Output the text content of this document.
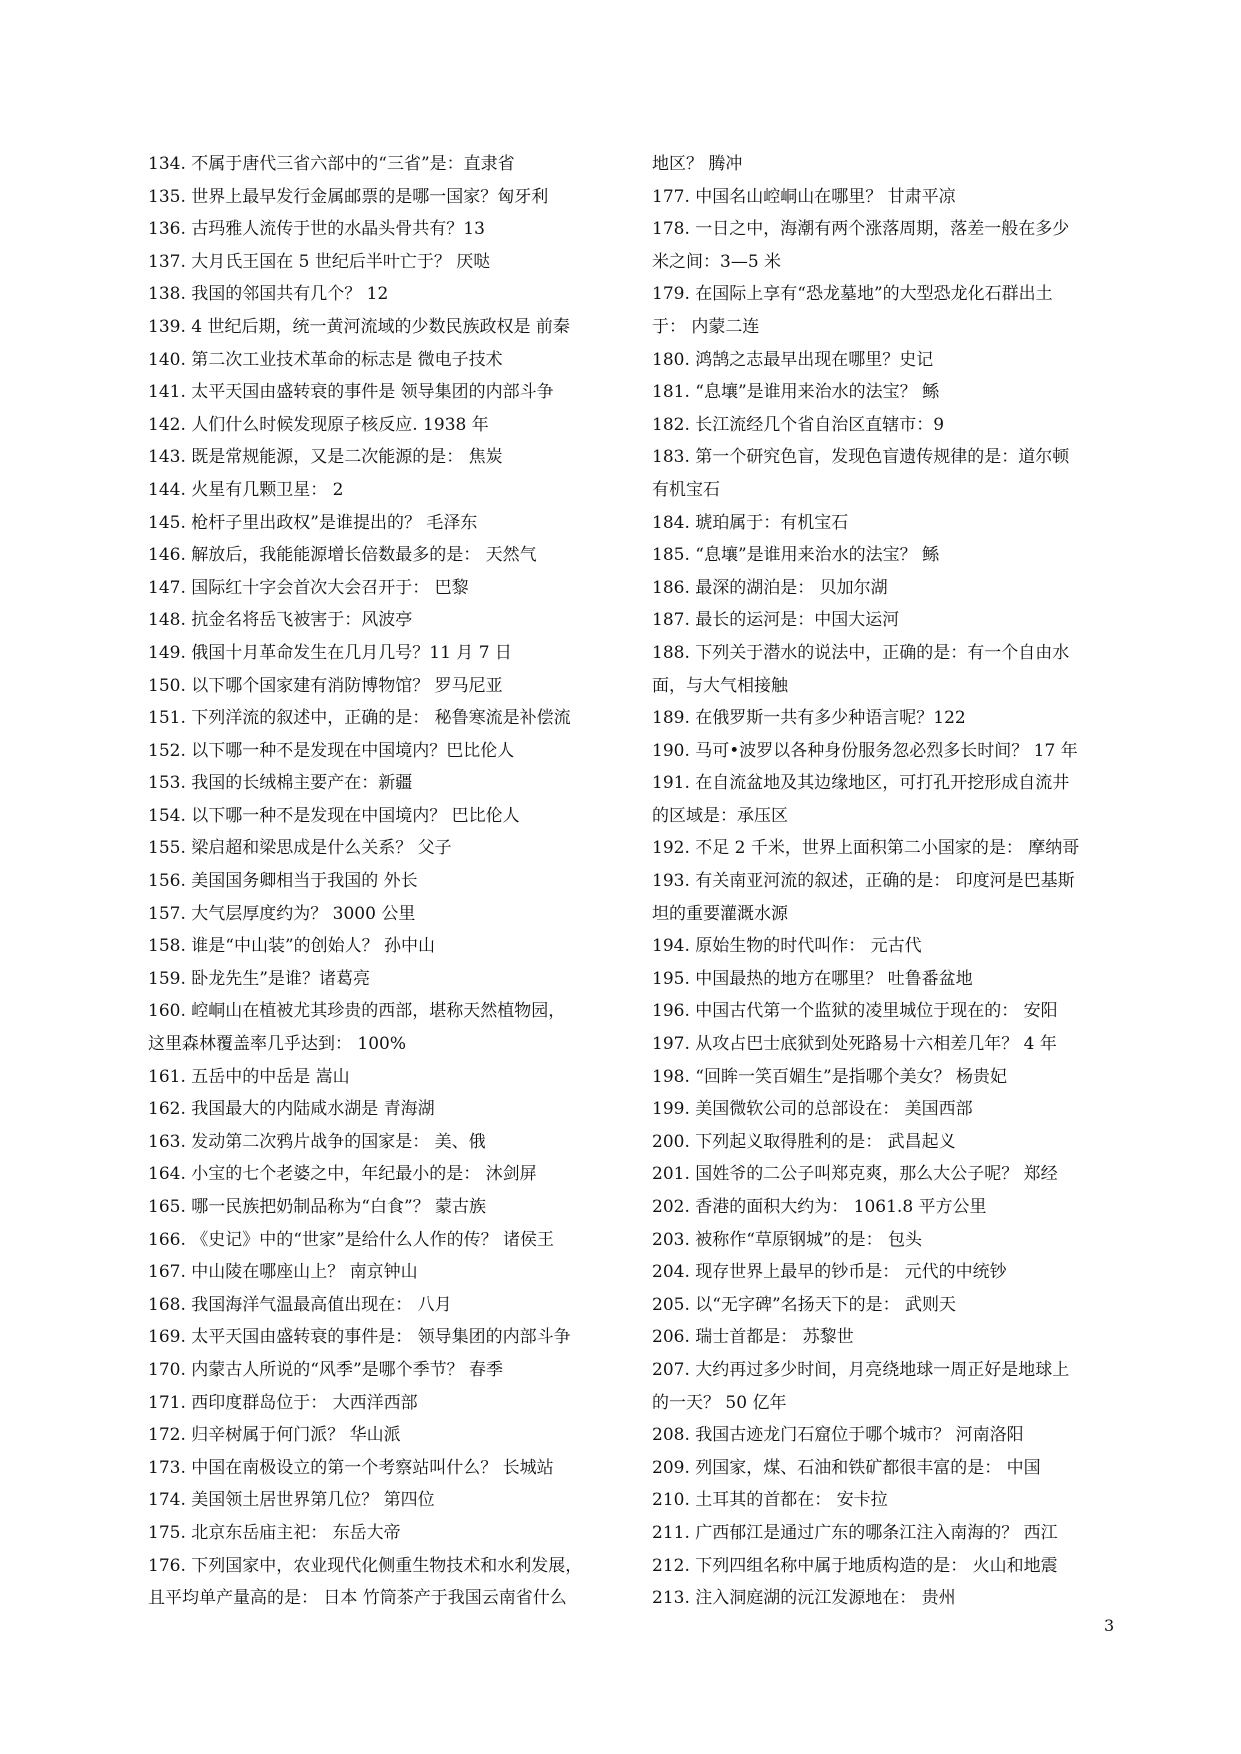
134. 不属于唐代三省六部中的“三省”是：直隶省
135. 世界上最早发行金属邮票的是哪一国家？匈牙利
136. 古玛雅人流传于世的水晶头骨共有？13
137. 大月氏王国在 5 世纪后半叶亡于？ 厌哒
138. 我国的邻国共有几个？ 12
139. 4 世纪后期，统一黄河流域的少数民族政权是 前秦
140. 第二次工业技术革命的标志是 微电子技术
141. 太平天国由盛转衰的事件是 领导集团的内部斗争
142. 人们什么时候发现原子核反应. 1938 年
143. 既是常规能源，又是二次能源的是： 焦炭
144. 火星有几颗卫星： 2
145. 枪杆子里出政权”是谁提出的？ 毛泽东
146. 解放后，我能能源增长倍数最多的是： 天然气
147. 国际红十字会首次大会召开于： 巴黎
148. 抗金名将岳飞被害于：风波亭
149. 俄国十月革命发生在几月几号？11 月 7 日
150. 以下哪个国家建有消防博物馆？ 罗马尼亚
151. 下列洋流的叙述中，正确的是： 秘鲁寒流是补偿流
152. 以下哪一种不是发现在中国境内？巴比伦人
153. 我国的长绒棉主要产在：新疆
154. 以下哪一种不是发现在中国境内？ 巴比伦人
155. 梁启超和梁思成是什么关系？ 父子
156. 美国国务卿相当于我国的 外长
157. 大气层厚度约为？ 3000 公里
158. 谁是“中山装”的创始人？ 孙中山
159. 卧龙先生”是谁？诸葛亮
160. 崆峒山在植被尤其珍贵的西部，堪称天然植物园，
这里森林覆盖率几乎达到： 100%
161. 五岳中的中岳是 嵩山
162. 我国最大的内陆咸水湖是 青海湖
163. 发动第二次鸦片战争的国家是： 美、俄
164. 小宝的七个老婆之中，年纪最小的是： 沐剑屏
165. 哪一民族把奶制品称为“白食”？ 蒙古族
166. 《史记》中的“世家”是给什么人作的传？ 诸侯王
167. 中山陵在哪座山上？ 南京钟山
168. 我国海洋气温最高值出现在： 八月
169. 太平天国由盛转衰的事件是： 领导集团的内部斗争
170. 内蒙古人所说的“风季”是哪个季节？ 春季
171. 西印度群岛位于： 大西洋西部
172. 归辛树属于何门派？ 华山派
173. 中国在南极设立的第一个考察站叫什么？ 长城站
174. 美国领土居世界第几位？ 第四位
175. 北京东岳庙主祀： 东岳大帝
176. 下列国家中，农业现代化侧重生物技术和水利发展，
且平均单产量高的是： 日本 竹筒茶产于我国云南省什么
地区？ 腾冲
177. 中国名山崆峒山在哪里？ 甘肃平凉
178. 一日之中，海潮有两个涨落周期，落差一般在多少
米之间：3—5 米
179. 在国际上享有“恐龙墓地”的大型恐龙化石群出土
于： 内蒙二连
180. 鸿鹄之志最早出现在哪里？史记
181. “息壤”是谁用来治水的法宝？ 鲧
182. 长江流经几个省自治区直辖市：9
183. 第一个研究色盲，发现色盲遗传规律的是：道尔顿
有机宝石
184. 琥珀属于：有机宝石
185. “息壤”是谁用来治水的法宝？ 鲧
186. 最深的湖泊是： 贝加尔湖
187. 最长的运河是：中国大运河
188. 下列关于潜水的说法中，正确的是：有一个自由水
面，与大气相接触
189. 在俄罗斯一共有多少种语言呢？122
190. 马可•波罗以各种身份服务忽必烈多长时间？ 17 年
191. 在自流盆地及其边缘地区，可打孔开挖形成自流井
的区域是：承压区
192. 不足 2 千米，世界上面积第二小国家的是： 摩纳哥
193. 有关南亚河流的叙述，正确的是： 印度河是巴基斯
坦的重要灌溉水源
194. 原始生物的时代叫作： 元古代
195. 中国最热的地方在哪里？ 吐鲁番盆地
196. 中国古代第一个监狱的凌里城位于现在的： 安阳
197. 从攻占巴士底狱到处死路易十六相差几年？ 4 年
198. “回眸一笑百媚生”是指哪个美女？ 杨贵妃
199. 美国微软公司的总部设在： 美国西部
200. 下列起义取得胜利的是： 武昌起义
201. 国姓爷的二公子叫郑克爽，那么大公子呢？ 郑经
202. 香港的面积大约为： 1061.8 平方公里
203. 被称作“草原钢城”的是： 包头
204. 现存世界上最早的钞币是： 元代的中统钞
205. 以“无字碑”名扬天下的是： 武则天
206. 瑞士首都是： 苏黎世
207. 大约再过多少时间，月亮绕地球一周正好是地球上
的一天？ 50 亿年
208. 我国古迹龙门石窟位于哪个城市？ 河南洛阳
209. 列国家，煤、石油和铁矿都很丰富的是： 中国
210. 土耳其的首都在： 安卡拉
211. 广西郁江是通过广东的哪条江注入南海的？ 西江
212. 下列四组名称中属于地质构造的是： 火山和地震
213. 注入洞庭湖的沅江发源地在： 贵州
3
